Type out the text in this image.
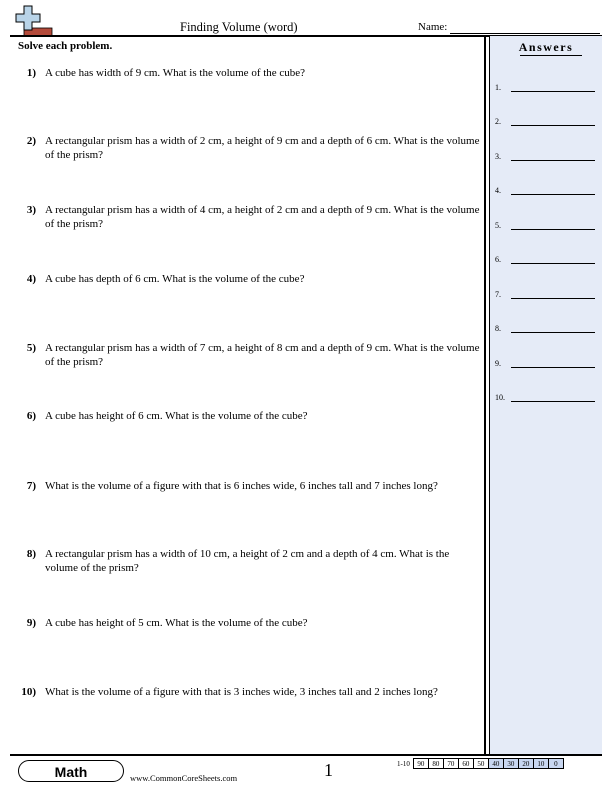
Finding Volume (word)	Name:
Solve each problem.
1) A cube has width of 9 cm. What is the volume of the cube?
2) A rectangular prism has a width of 2 cm, a height of 9 cm and a depth of 6 cm. What is the volume of the prism?
3) A rectangular prism has a width of 4 cm, a height of 2 cm and a depth of 9 cm. What is the volume of the prism?
4) A cube has depth of 6 cm. What is the volume of the cube?
5) A rectangular prism has a width of 7 cm, a height of 8 cm and a depth of 9 cm. What is the volume of the prism?
6) A cube has height of 6 cm. What is the volume of the cube?
7) What is the volume of a figure with that is 6 inches wide, 6 inches tall and 7 inches long?
8) A rectangular prism has a width of 10 cm, a height of 2 cm and a depth of 4 cm. What is the volume of the prism?
9) A cube has height of 5 cm. What is the volume of the cube?
10) What is the volume of a figure with that is 3 inches wide, 3 inches tall and 2 inches long?
Answers
1.
2.
3.
4.
5.
6.
7.
8.
9.
10.
Math	www.CommonCoreSheets.com	1	1-10	90	80	70	60	50	40	30	20	10	0
